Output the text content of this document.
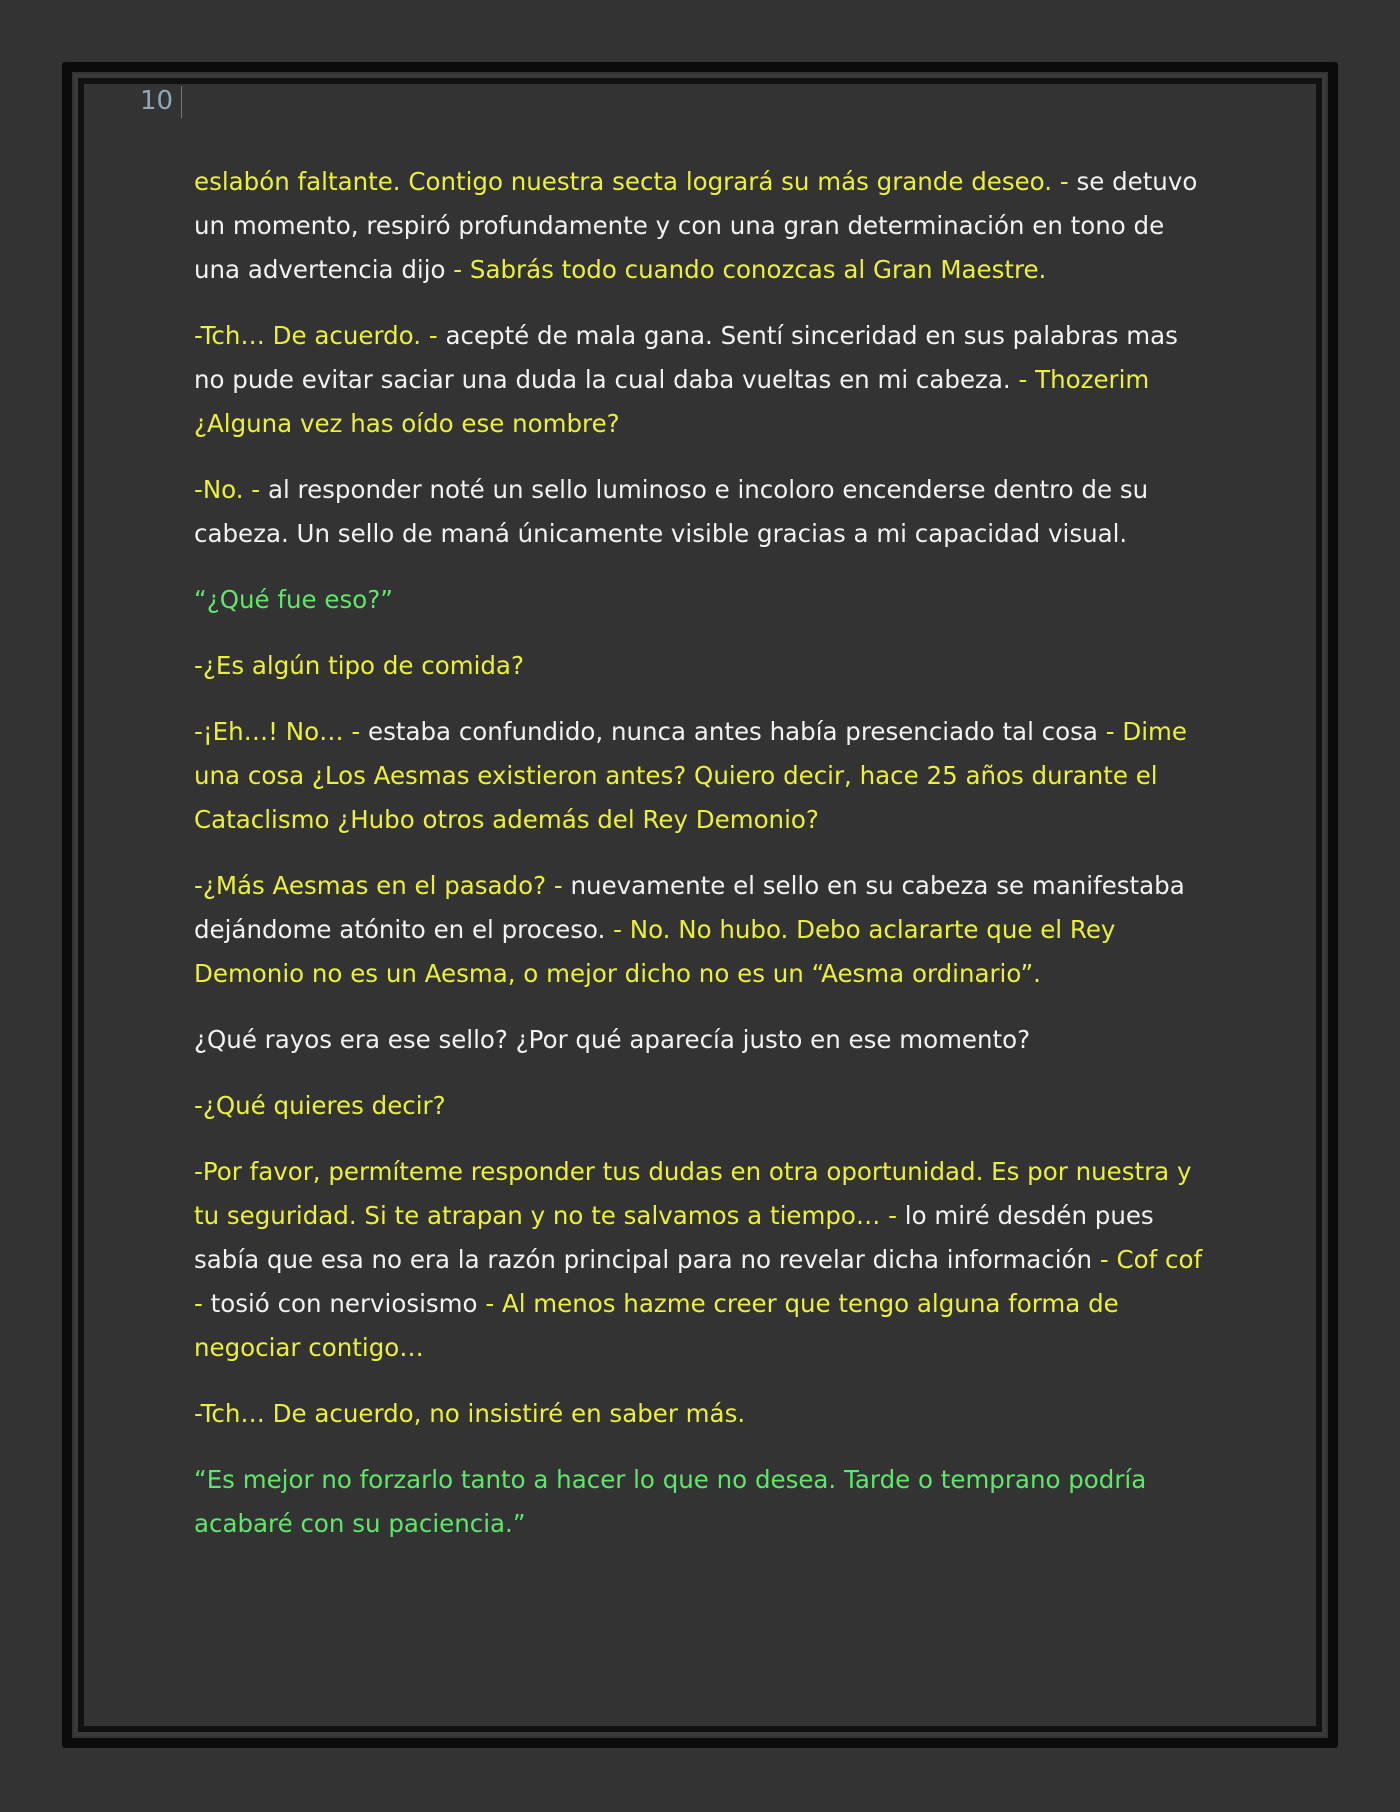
10

eslabón faltante. Contigo nuestra secta logrará su más grande deseo. - se detuvo un momento, respiró profundamente y con una gran determinación en tono de una advertencia dijo - Sabrás todo cuando conozcas al Gran Maestre.

-Tch… De acuerdo. - acepté de mala gana. Sentí sinceridad en sus palabras mas no pude evitar saciar una duda la cual daba vueltas en mi cabeza. - Thozerim ¿Alguna vez has oído ese nombre?

-No. - al responder noté un sello luminoso e incoloro encenderse dentro de su cabeza. Un sello de maná únicamente visible gracias a mi capacidad visual.

“¿Qué fue eso?”

-¿Es algún tipo de comida?

-¡Eh…! No… - estaba confundido, nunca antes había presenciado tal cosa - Dime una cosa ¿Los Aesmas existieron antes? Quiero decir, hace 25 años durante el Cataclismo ¿Hubo otros además del Rey Demonio?

-¿Más Aesmas en el pasado? - nuevamente el sello en su cabeza se manifestaba dejándome atónito en el proceso. - No. No hubo. Debo aclararte que el Rey Demonio no es un Aesma, o mejor dicho no es un “Aesma ordinario”.

¿Qué rayos era ese sello? ¿Por qué aparecía justo en ese momento?

-¿Qué quieres decir?

-Por favor, permíteme responder tus dudas en otra oportunidad. Es por nuestra y tu seguridad. Si te atrapan y no te salvamos a tiempo… - lo miré desdén pues sabía que esa no era la razón principal para no revelar dicha información - Cof cof - tosió con nerviosismo - Al menos hazme creer que tengo alguna forma de negociar contigo…

-Tch… De acuerdo, no insistiré en saber más.

“Es mejor no forzarlo tanto a hacer lo que no desea. Tarde o temprano podría acabaré con su paciencia.”
